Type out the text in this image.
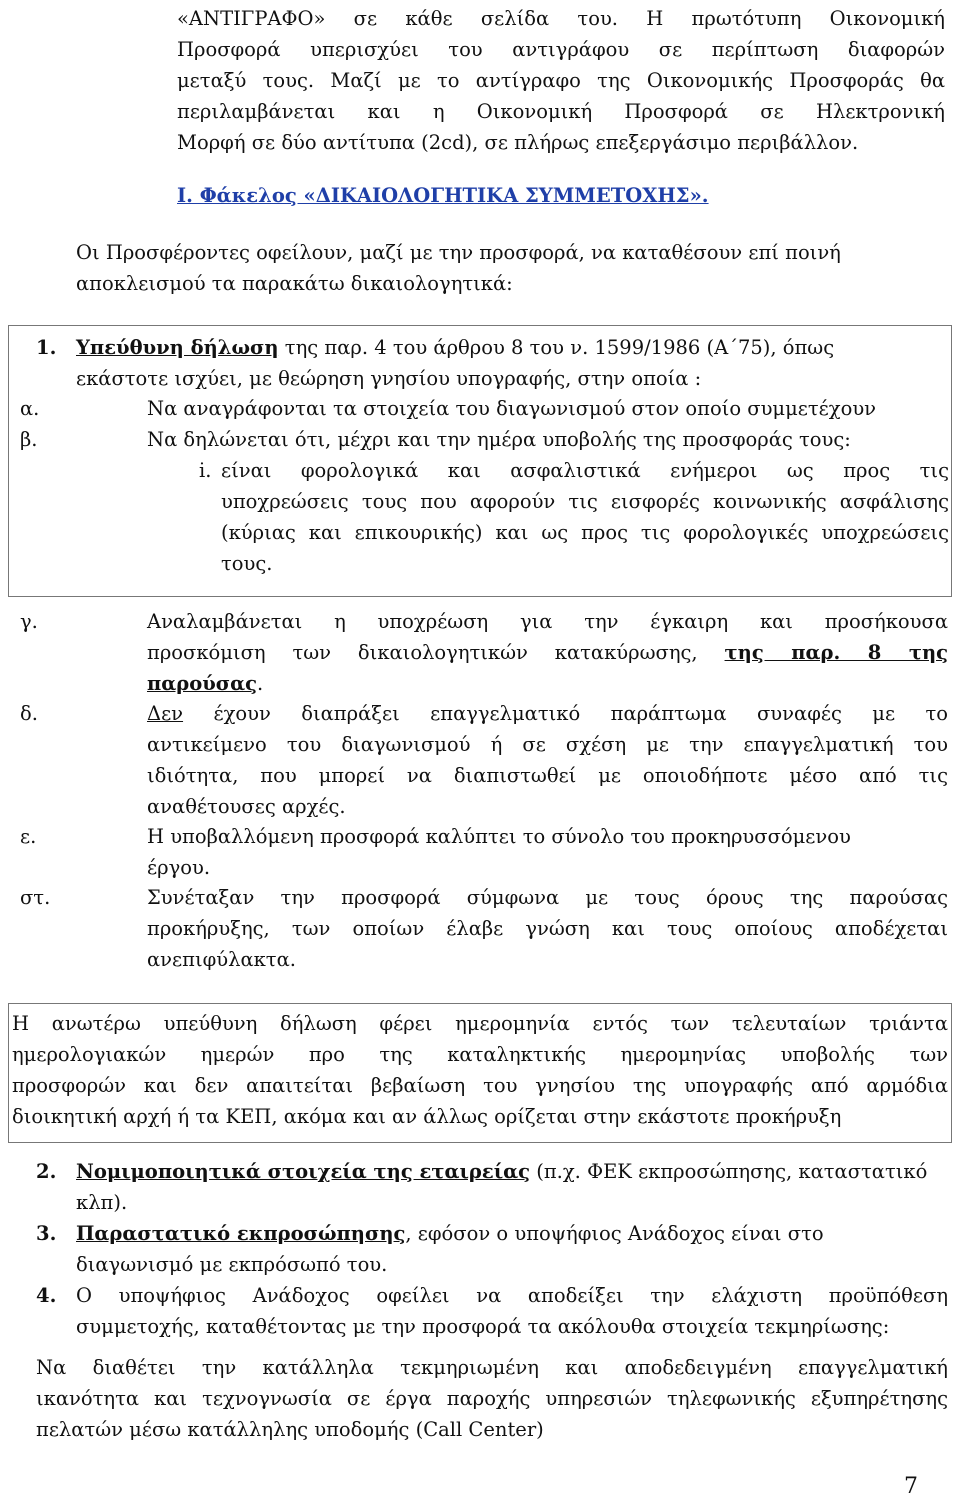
«ΑΝΤΙΓΡΑΦΟ» σε κάθε σελίδα του. Η πρωτότυπη Οικονομική
Προσφορά υπερισχύει του αντιγράφου σε περίπτωση διαφορών
μεταξύ τους. Μαζί με το αντίγραφο της Οικονομικής Προσφοράς θα
περιλαμβάνεται και η Οικονομική Προσφορά σε Ηλεκτρονική
Μορφή σε δύο αντίτυπα (2cd), σε πλήρως επεξεργάσιμο περιβάλλον.
Ι. Φάκελος «ΔΙΚΑΙΟΛΟΓΗΤΙΚΑ ΣΥΜΜΕΤΟΧΗΣ».
Οι Προσφέροντες οφείλουν, μαζί με την προσφορά, να καταθέσουν επί ποινή
αποκλεισμού τα παρακάτω δικαιολογητικά:
1. Υπεύθυνη δήλωση της παρ. 4 του άρθρου 8 του ν. 1599/1986 (Α΄75), όπως
εκάστοτε ισχύει, με θεώρηση γνησίου υπογραφής, στην οποία :
α.	Να αναγράφονται τα στοιχεία του διαγωνισμού στον οποίο συμμετέχουν
β.	Να δηλώνεται ότι, μέχρι και την ημέρα υποβολής της προσφοράς τους:
i. είναι φορολογικά και ασφαλιστικά ενήμεροι ως προς τις
υποχρεώσεις τους που αφορούν τις εισφορές κοινωνικής ασφάλισης
(κύριας και επικουρικής) και ως προς τις φορολογικές υποχρεώσεις
τους.
γ.	Αναλαμβάνεται η υποχρέωση για την έγκαιρη και προσήκουσα
προσκόμιση των δικαιολογητικών κατακύρωσης, της παρ. 8 της
παρούσας.
δ.	Δεν έχουν διαπράξει επαγγελματικό παράπτωμα συναφές με το
αντικείμενο του διαγωνισμού ή σε σχέση με την επαγγελματική του
ιδιότητα, που μπορεί να διαπιστωθεί με οποιοδήποτε μέσο από τις
αναθέτουσες αρχές.
ε.	Η υποβαλλόμενη προσφορά καλύπτει το σύνολο του προκηρυσσόμενου
έργου.
στ.	Συνέταξαν την προσφορά σύμφωνα με τους όρους της παρούσας
προκήρυξης, των οποίων έλαβε γνώση και τους οποίους αποδέχεται
ανεπιφύλακτα.
Η ανωτέρω υπεύθυνη δήλωση φέρει ημερομηνία εντός των τελευταίων τριάντα
ημερολογιακών ημερών προ της καταληκτικής ημερομηνίας υποβολής των
προσφορών και δεν απαιτείται βεβαίωση του γνησίου της υπογραφής από αρμόδια
διοικητική αρχή ή τα ΚΕΠ, ακόμα και αν άλλως ορίζεται στην εκάστοτε προκήρυξη
2. Νομιμοποιητικά στοιχεία της εταιρείας (π.χ. ΦΕΚ εκπροσώπησης, καταστατικό
κλπ).
3. Παραστατικό εκπροσώπησης, εφόσον ο υποψήφιος Ανάδοχος είναι στο
διαγωνισμό με εκπρόσωπό του.
4. Ο υποψήφιος Ανάδοχος οφείλει να αποδείξει την ελάχιστη προϋπόθεση
συμμετοχής, καταθέτοντας με την προσφορά τα ακόλουθα στοιχεία τεκμηρίωσης:
Να διαθέτει την κατάλληλα τεκμηριωμένη και αποδεδειγμένη επαγγελματική
ικανότητα και τεχνογνωσία σε έργα παροχής υπηρεσιών τηλεφωνικής εξυπηρέτησης
πελατών μέσω κατάλληλης υποδομής (Call Center)
7
